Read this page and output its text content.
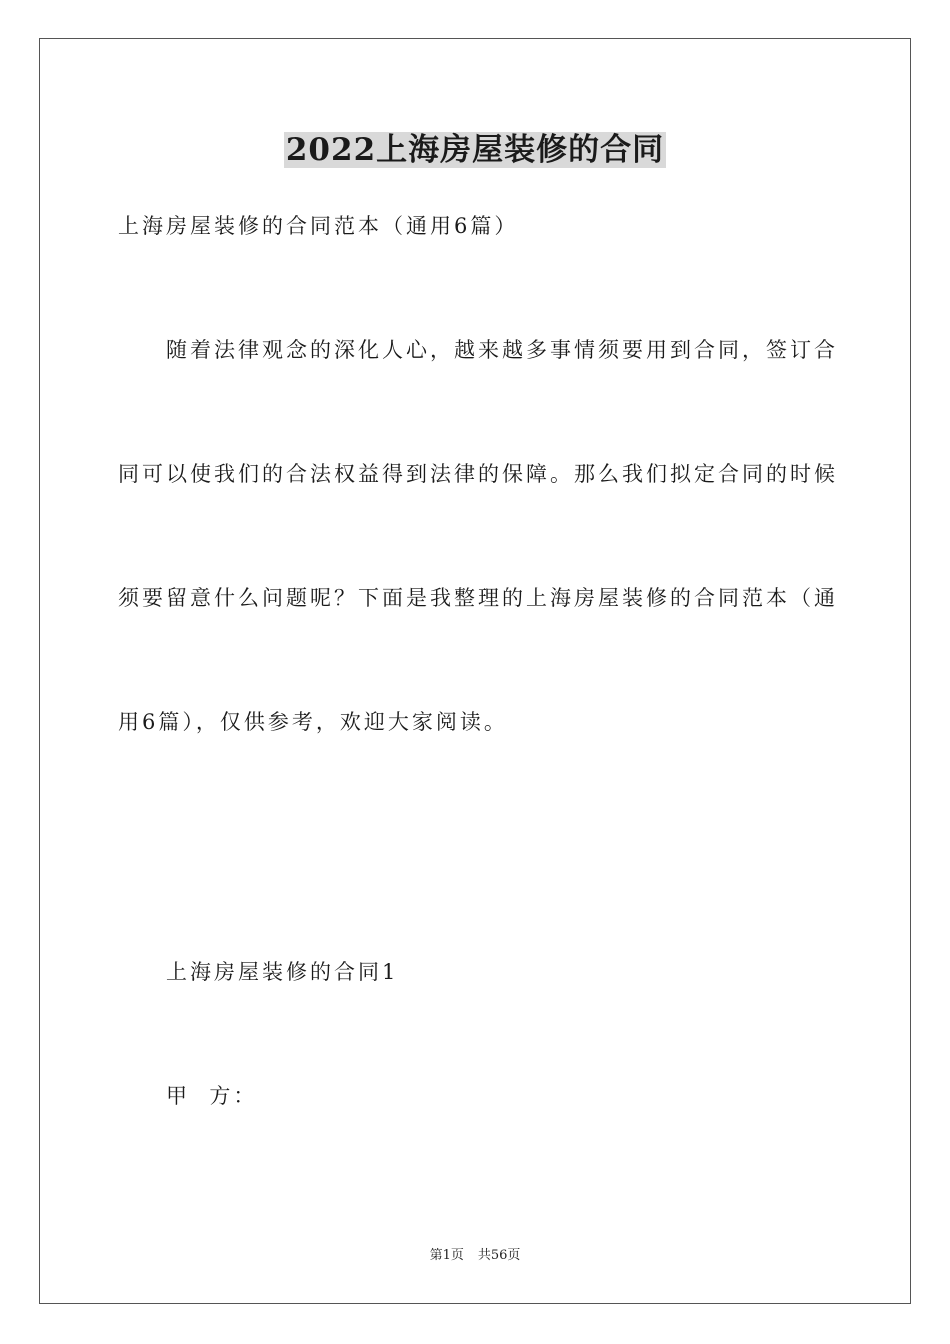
2022上海房屋装修的合同

上海房屋装修的合同范本（通用6篇）

随着法律观念的深化人心，越来越多事情须要用到合同，签订合

同可以使我们的合法权益得到法律的保障。那么我们拟定合同的时候

须要留意什么问题呢？下面是我整理的上海房屋装修的合同范本（通

用6篇），仅供参考，欢迎大家阅读。

上海房屋装修的合同1

甲  方：

第1页 共56页
